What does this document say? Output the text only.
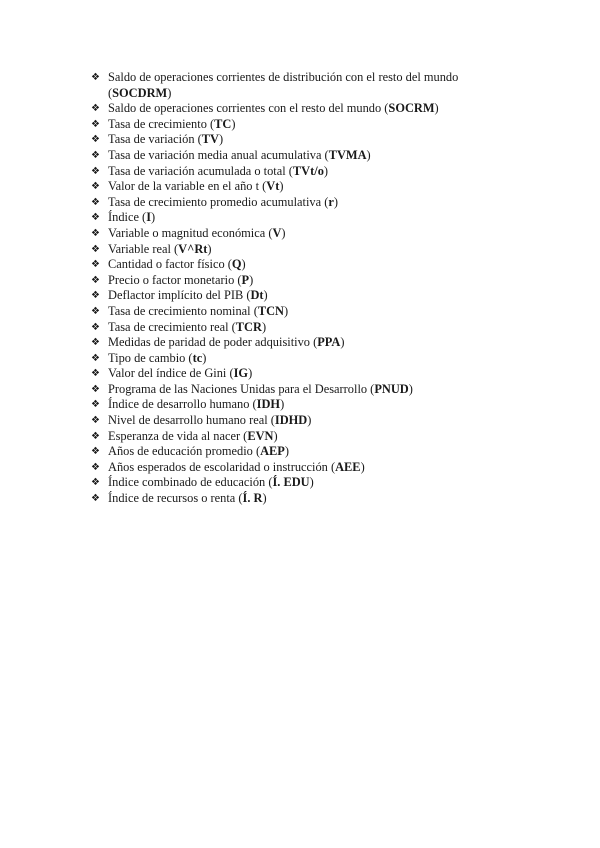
❖ Saldo de operaciones corrientes de distribución con el resto del mundo (SOCDRM)
❖ Saldo de operaciones corrientes con el resto del mundo (SOCRM)
❖ Tasa de crecimiento (TC)
❖ Tasa de variación (TV)
❖ Tasa de variación media anual acumulativa (TVMA)
❖ Tasa de variación acumulada o total (TVt/o)
❖ Valor de la variable en el año t (Vt)
❖ Tasa de crecimiento promedio acumulativa (r)
❖ Índice (I)
❖ Variable o magnitud económica (V)
❖ Variable real (V^Rt)
❖ Cantidad o factor físico (Q)
❖ Precio o factor monetario (P)
❖ Deflactor implícito del PIB (Dt)
❖ Tasa de crecimiento nominal (TCN)
❖ Tasa de crecimiento real (TCR)
❖ Medidas de paridad de poder adquisitivo (PPA)
❖ Tipo de cambio (tc)
❖ Valor del índice de Gini (IG)
❖ Programa de las Naciones Unidas para el Desarrollo (PNUD)
❖ Índice de desarrollo humano (IDH)
❖ Nivel de desarrollo humano real (IDHD)
❖ Esperanza de vida al nacer (EVN)
❖ Años de educación promedio (AEP)
❖ Años esperados de escolaridad o instrucción (AEE)
❖ Índice combinado de educación (Í. EDU)
❖ Índice de recursos o renta (Í. R)
